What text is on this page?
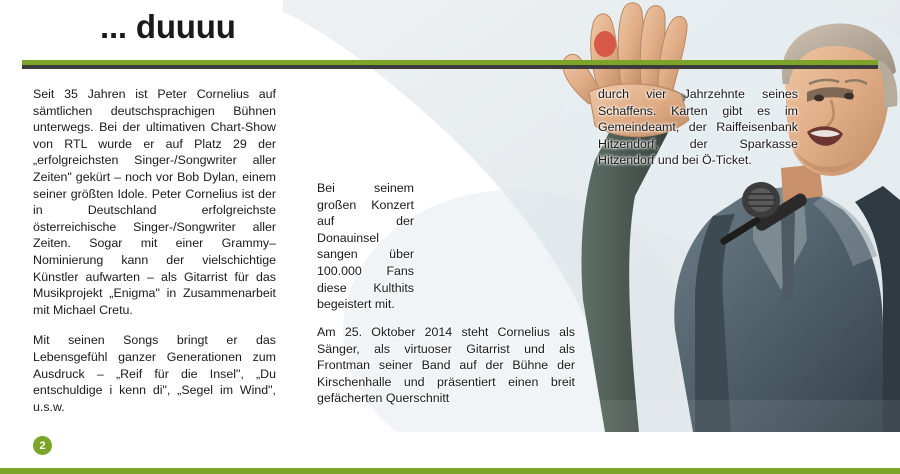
... duuuu

Seit 35 Jahren ist Peter Cornelius auf sämtlichen deutschsprachigen Bühnen unterwegs. Bei der ultimativen Chart-Show von RTL wurde er auf Platz 29 der „erfolgreichsten Singer-/Songwriter aller Zeiten" gekürt – noch vor Bob Dylan, einem seiner größten Idole. Peter Cornelius ist der in Deutschland erfolgreichste österreichische Singer-/Songwriter aller Zeiten. Sogar mit einer Grammy–Nominierung kann der vielschichtige Künstler aufwarten – als Gitarrist für das Musikprojekt „Enigma" in Zusammenarbeit mit Michael Cretu.

Mit seinen Songs bringt er das Lebensgefühl ganzer Generationen zum Ausdruck – „Reif für die Insel", „Du entschuldige i kenn di", „Segel im Wind", u.s.w.

Bei seinem großen Konzert auf der Donauinsel sangen über 100.000 Fans diese Kulthits begeistert mit.

Am 25. Oktober 2014 steht Cornelius als Sänger, als virtuoser Gitarrist und als Frontman seiner Band auf der Bühne der Kirschenhalle und präsentiert einen breit gefächerten Querschnitt

durch vier Jahrzehnte seines Schaffens. Karten gibt es im Gemeindeamt, der Raiffeisenbank Hitzendorf, der Sparkasse Hitzendorf und bei Ö-Ticket.

2
